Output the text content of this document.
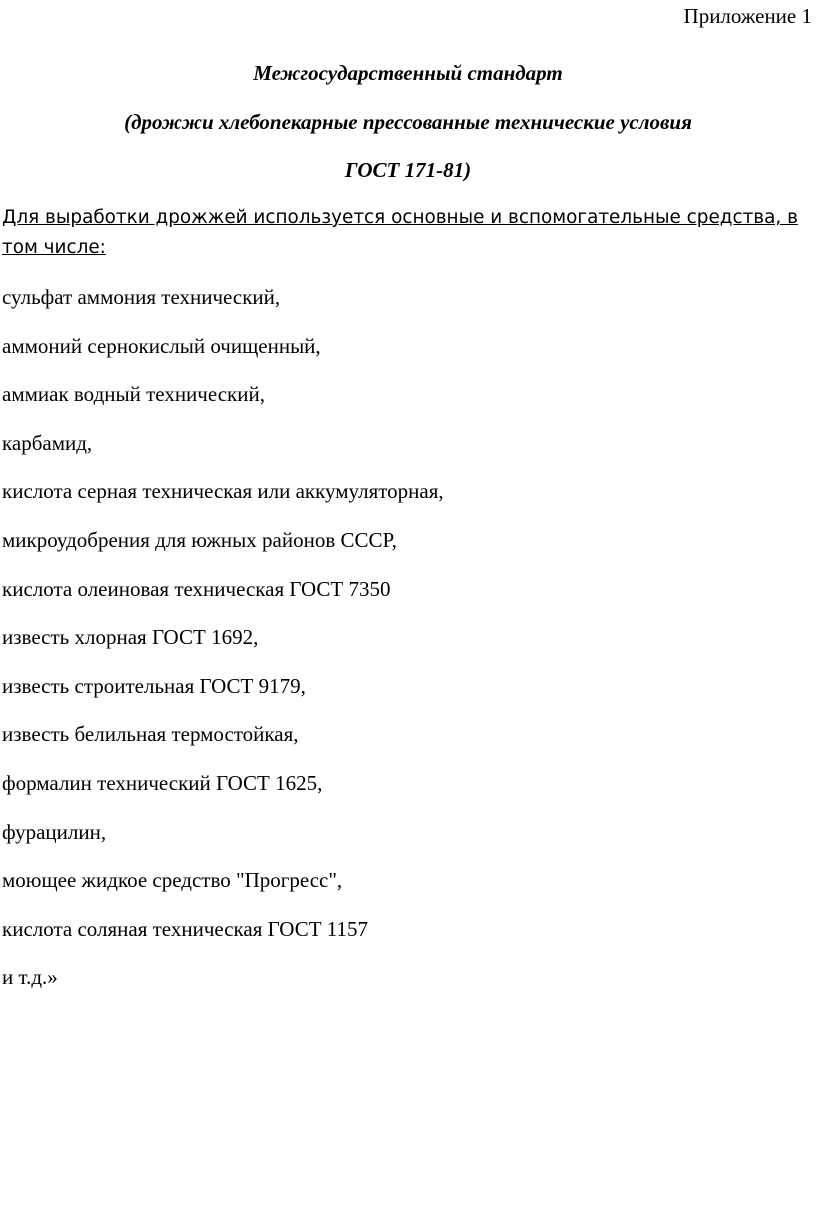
Приложение 1

Межгосударственный стандарт

(дрожжи хлебопекарные прессованные технические условия

ГОСТ 171-81)

Для выработки дрожжей используется основные и вспомогательные средства, в том числе:

сульфат аммония технический,
аммоний сернокислый очищенный,
аммиак водный технический,
карбамид,
кислота серная техническая или аккумуляторная,
микроудобрения для южных районов СССР,
кислота олеиновая техническая ГОСТ 7350
известь хлорная ГОСТ 1692,
известь строительная ГОСТ 9179,
известь белильная термостойкая,
формалин технический ГОСТ 1625,
фурацилин,
моющее жидкое средство "Прогресс",
кислота соляная техническая ГОСТ 1157
и т.д.»
